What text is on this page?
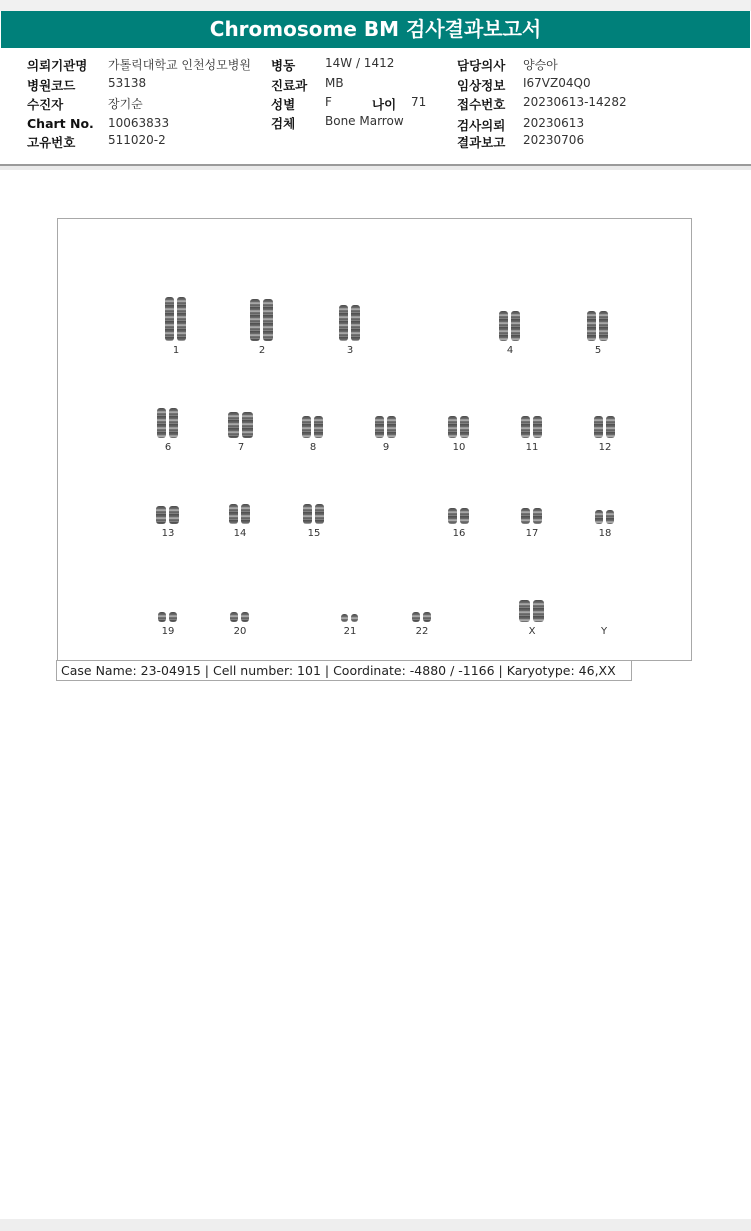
Chromosome BM 검사결과보고서
의뢰기관명 가톨릭대학교 인천성모병원
병원코드	53138
수진자	장기순
Chart No. 10063833
고유번호	511020-2
병동 14W / 1412
진료과 MB
성별 F	나이 71
검체 Bone Marrow
담당의사 양승아
임상정보 I67VZ04Q0
접수번호 20230613-14282
검사의뢰 20230613
결과보고 20230706
1	2	3	4	5
6	7	8	9	10	11	12
13	14	15	16	17	18
19	20	21	22	X	Y
Case Name: 23-04915 | Cell number: 101 | Coordinate: -4880 / -1166 | Karyotype: 46,XX
